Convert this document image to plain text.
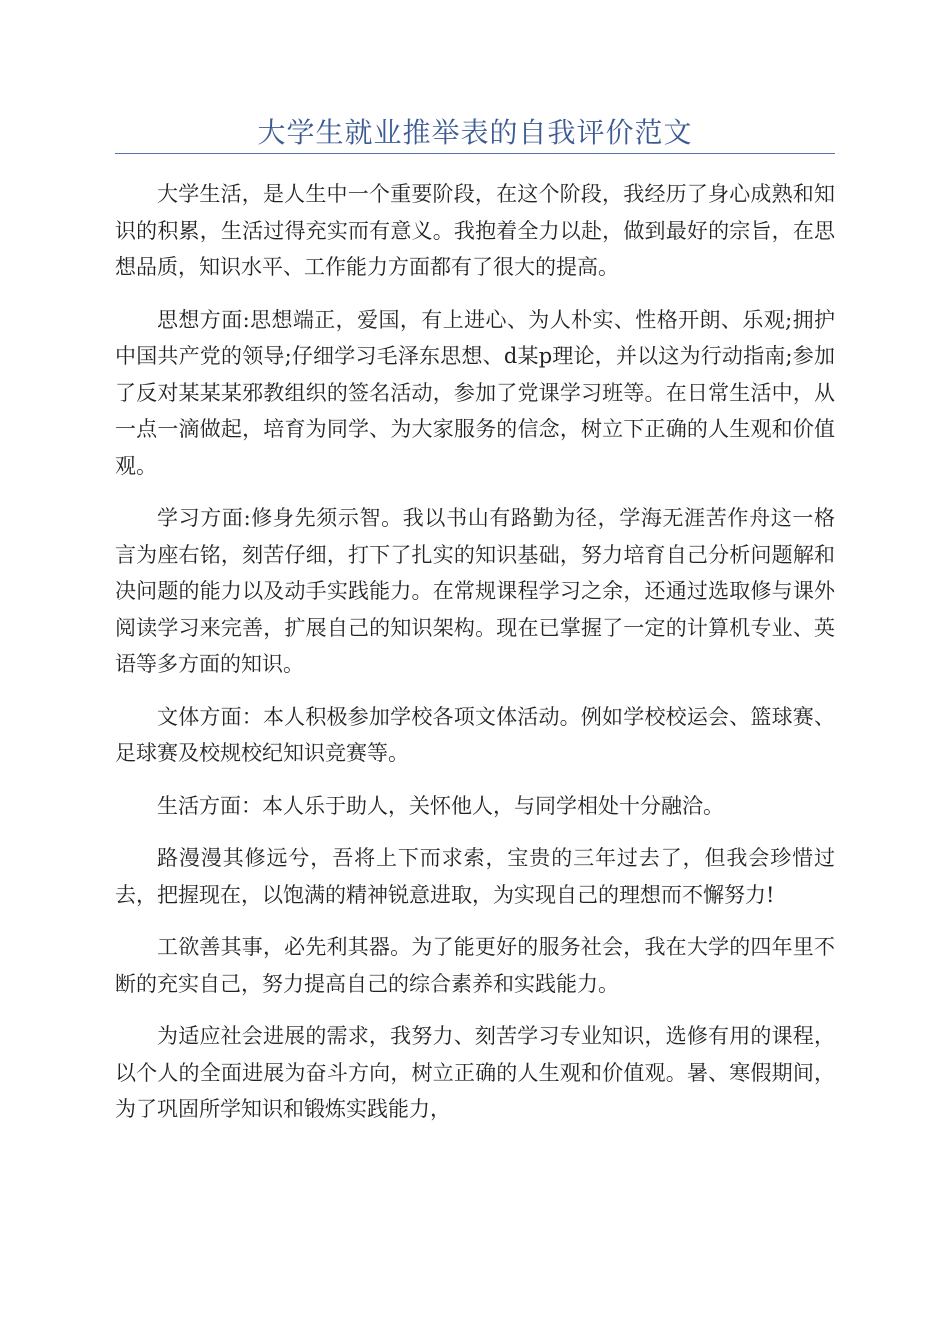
大学生就业推举表的自我评价范文

大学生活，是人生中一个重要阶段，在这个阶段，我经历了身心成熟和知识的积累，生活过得充实而有意义。我抱着全力以赴，做到最好的宗旨，在思想品质，知识水平、工作能力方面都有了很大的提高。

思想方面:思想端正，爱国，有上进心、为人朴实、性格开朗、乐观;拥护中国共产党的领导;仔细学习毛泽东思想、d某p理论，并以这为行动指南;参加了反对某某某邪教组织的签名活动，参加了党课学习班等。在日常生活中，从一点一滴做起，培育为同学、为大家服务的信念，树立下正确的人生观和价值观。

学习方面:修身先须示智。我以书山有路勤为径，学海无涯苦作舟这一格言为座右铭，刻苦仔细，打下了扎实的知识基础，努力培育自己分析问题解和决问题的能力以及动手实践能力。在常规课程学习之余，还通过选取修与课外阅读学习来完善，扩展自己的知识架构。现在已掌握了一定的计算机专业、英语等多方面的知识。

文体方面：本人积极参加学校各项文体活动。例如学校校运会、篮球赛、足球赛及校规校纪知识竞赛等。

生活方面：本人乐于助人，关怀他人，与同学相处十分融洽。

路漫漫其修远兮，吾将上下而求索，宝贵的三年过去了，但我会珍惜过去，把握现在，以饱满的精神锐意进取，为实现自己的理想而不懈努力!

工欲善其事，必先利其器。为了能更好的服务社会，我在大学的四年里不断的充实自己，努力提高自己的综合素养和实践能力。

为适应社会进展的需求，我努力、刻苦学习专业知识，选修有用的课程，以个人的全面进展为奋斗方向，树立正确的人生观和价值观。暑、寒假期间，为了巩固所学知识和锻炼实践能力，
